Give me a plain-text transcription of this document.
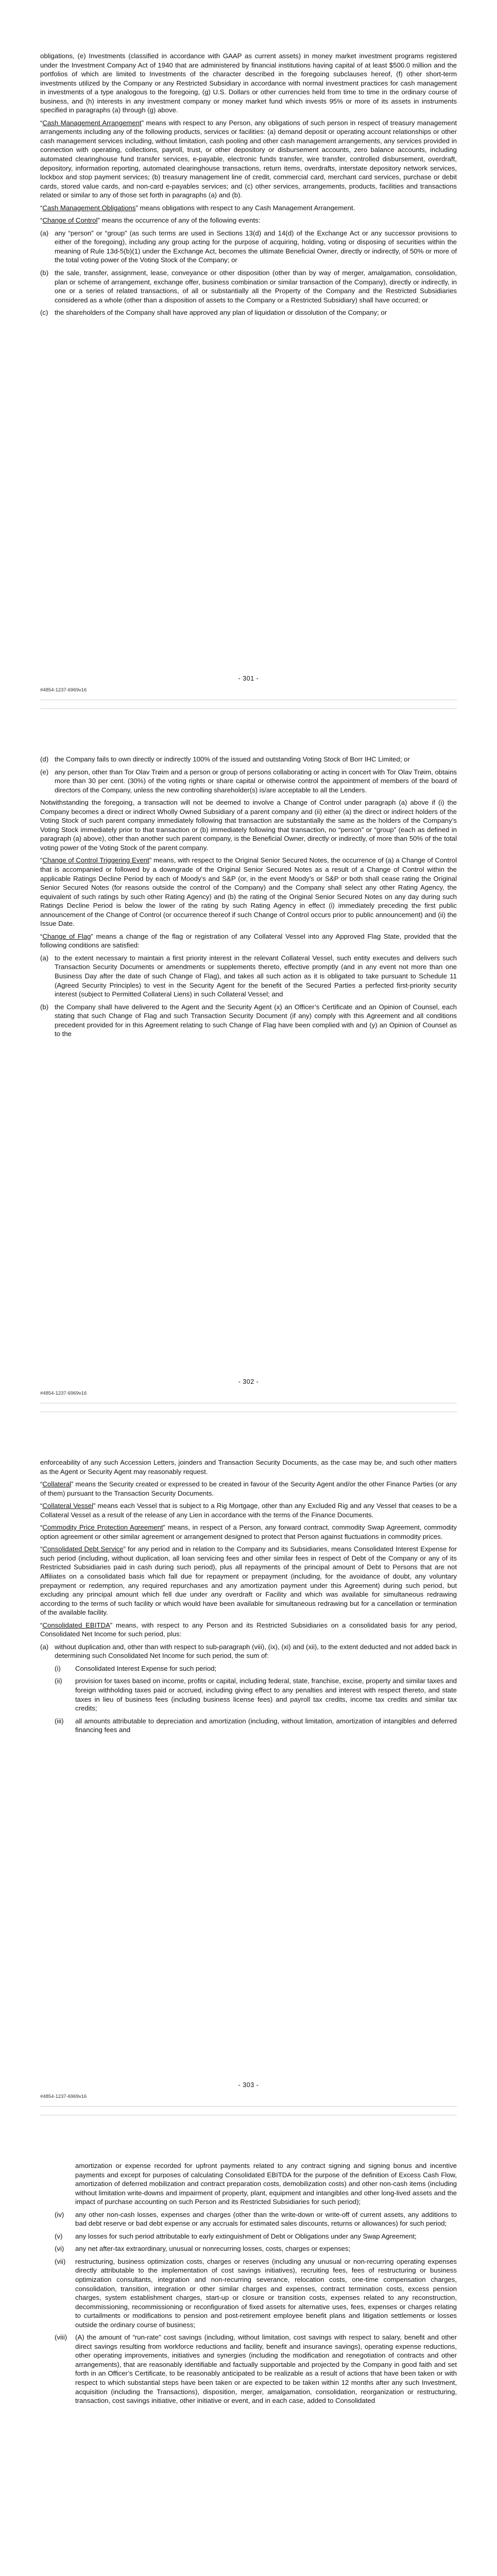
obligations, (e) Investments (classified in accordance with GAAP as current assets) in money market investment programs registered under the Investment Company Act of 1940 that are administered by financial institutions having capital of at least $500.0 million and the portfolios of which are limited to Investments of the character described in the foregoing subclauses hereof, (f) other short-term investments utilized by the Company or any Restricted Subsidiary in accordance with normal investment practices for cash management in investments of a type analogous to the foregoing, (g) U.S. Dollars or other currencies held from time to time in the ordinary course of business, and (h) interests in any investment company or money market fund which invests 95% or more of its assets in instruments specified in paragraphs (a) through (g) above.

“Cash Management Arrangement” means with respect to any Person, any obligations of such person in respect of treasury management arrangements including any of the following products, services or facilities: (a) demand deposit or operating account relationships or other cash management services including, without limitation, cash pooling and other cash management arrangements, any services provided in connection with operating, collections, payroll, trust, or other depository or disbursement accounts, zero balance accounts, including automated clearinghouse fund transfer services, e-payable, electronic funds transfer, wire transfer, controlled disbursement, overdraft, depository, information reporting, automated clearinghouse transactions, return items, overdrafts, interstate depository network services, lockbox and stop payment services; (b) treasury management line of credit, commercial card, merchant card services, purchase or debit cards, stored value cards, and non-card e-payables services; and (c) other services, arrangements, products, facilities and transactions related or similar to any of those set forth in paragraphs (a) and (b).

“Cash Management Obligations” means obligations with respect to any Cash Management Arrangement.

“Change of Control” means the occurrence of any of the following events:

(a) any “person” or “group” (as such terms are used in Sections 13(d) and 14(d) of the Exchange Act or any successor provisions to either of the foregoing), including any group acting for the purpose of acquiring, holding, voting or disposing of securities within the meaning of Rule 13d-5(b)(1) under the Exchange Act, becomes the ultimate Beneficial Owner, directly or indirectly, of 50% or more of the total voting power of the Voting Stock of the Company; or
(b) the sale, transfer, assignment, lease, conveyance or other disposition (other than by way of merger, amalgamation, consolidation, plan or scheme of arrangement, exchange offer, business combination or similar transaction of the Company), directly or indirectly, in one or a series of related transactions, of all or substantially all the Property of the Company and the Restricted Subsidiaries considered as a whole (other than a disposition of assets to the Company or a Restricted Subsidiary) shall have occurred; or
(c) the shareholders of the Company shall have approved any plan of liquidation or dissolution of the Company; or
- 301 -
#4854-1237-6969v16
(d) the Company fails to own directly or indirectly 100% of the issued and outstanding Voting Stock of Borr IHC Limited; or
(e) any person, other than Tor Olav Trøim and a person or group of persons collaborating or acting in concert with Tor Olav Trøim, obtains more than 30 per cent. (30%) of the voting rights or share capital or otherwise control the appointment of members of the board of directors of the Company, unless the new controlling shareholder(s) is/are acceptable to all the Lenders.

Notwithstanding the foregoing, a transaction will not be deemed to involve a Change of Control under paragraph (a) above if (i) the Company becomes a direct or indirect Wholly Owned Subsidiary of a parent company and (ii) either (a) the direct or indirect holders of the Voting Stock of such parent company immediately following that transaction are substantially the same as the holders of the Company’s Voting Stock immediately prior to that transaction or (b) immediately following that transaction, no “person” or “group” (each as defined in paragraph (a) above), other than another such parent company, is the Beneficial Owner, directly or indirectly, of more than 50% of the total voting power of the Voting Stock of the parent company.

“Change of Control Triggering Event” means, with respect to the Original Senior Secured Notes, the occurrence of (a) a Change of Control that is accompanied or followed by a downgrade of the Original Senior Secured Notes as a result of a Change of Control within the applicable Ratings Decline Period by each of Moody’s and S&P (or, in the event Moody’s or S&P or both shall cease rating the Original Senior Secured Notes (for reasons outside the control of the Company) and the Company shall select any other Rating Agency, the equivalent of such ratings by such other Rating Agency) and (b) the rating of the Original Senior Secured Notes on any day during such Ratings Decline Period is below the lower of the rating by such Rating Agency in effect (i) immediately preceding the first public announcement of the Change of Control (or occurrence thereof if such Change of Control occurs prior to public announcement) and (ii) the Issue Date.

“Change of Flag” means a change of the flag or registration of any Collateral Vessel into any Approved Flag State, provided that the following conditions are satisfied:

(a) to the extent necessary to maintain a first priority interest in the relevant Collateral Vessel, such entity executes and delivers such Transaction Security Documents or amendments or supplements thereto, effective promptly (and in any event not more than one Business Day after the date of such Change of Flag), and takes all such action as it is obligated to take pursuant to Schedule 11 (Agreed Security Principles) to vest in the Security Agent for the benefit of the Secured Parties a perfected first-priority security interest (subject to Permitted Collateral Liens) in such Collateral Vessel; and
(b) the Company shall have delivered to the Agent and the Security Agent (x) an Officer’s Certificate and an Opinion of Counsel, each stating that such Change of Flag and such Transaction Security Document (if any) comply with this Agreement and all conditions precedent provided for in this Agreement relating to such Change of Flag have been complied with and (y) an Opinion of Counsel as to the
- 302 -
#4854-1237-6969v16

enforceability of any such Accession Letters, joinders and Transaction Security Documents, as the case may be, and such other matters as the Agent or Security Agent may reasonably request.

“Collateral” means the Security created or expressed to be created in favour of the Security Agent and/or the other Finance Parties (or any of them) pursuant to the Transaction Security Documents.

“Collateral Vessel” means each Vessel that is subject to a Rig Mortgage, other than any Excluded Rig and any Vessel that ceases to be a Collateral Vessel as a result of the release of any Lien in accordance with the terms of the Finance Documents.

“Commodity Price Protection Agreement” means, in respect of a Person, any forward contract, commodity Swap Agreement, commodity option agreement or other similar agreement or arrangement designed to protect that Person against fluctuations in commodity prices.

“Consolidated Debt Service” for any period and in relation to the Company and its Subsidiaries, means Consolidated Interest Expense for such period (including, without duplication, all loan servicing fees and other similar fees in respect of Debt of the Company or any of its Restricted Subsidiaries paid in cash during such period), plus all repayments of the principal amount of Debt to Persons that are not Affiliates on a consolidated basis which fall due for repayment or prepayment (including, for the avoidance of doubt, any voluntary prepayment or redemption, any required repurchases and any amortization payment under this Agreement) during such period, but excluding any principal amount which fell due under any overdraft or Facility and which was available for simultaneous redrawing according to the terms of such facility or which would have been available for simultaneous redrawing but for a cancellation or termination of the available facility.

“Consolidated EBITDA” means, with respect to any Person and its Restricted Subsidiaries on a consolidated basis for any period, Consolidated Net Income for such period, plus:

(a) without duplication and, other than with respect to sub-paragraph (viii), (ix), (xi) and (xii), to the extent deducted and not added back in determining such Consolidated Net Income for such period, the sum of:
(i)	Consolidated Interest Expense for such period;
(ii)	provision for taxes based on income, profits or capital, including federal, state, franchise, excise, property and similar taxes and foreign withholding taxes paid or accrued, including giving effect to any penalties and interest with respect thereto, and state taxes in lieu of business fees (including business license fees) and payroll tax credits, income tax credits and similar tax credits;
(iii)	all amounts attributable to depreciation and amortization (including, without limitation, amortization of intangibles and deferred financing fees and
- 303 -
#4854-1237-6969v16

amortization or expense recorded for upfront payments related to any contract signing and signing bonus and incentive payments and except for purposes of calculating Consolidated EBITDA for the purpose of the definition of Excess Cash Flow, amortization of deferred mobilization and contract preparation costs, demobilization costs) and other non-cash items (including without limitation write-downs and impairment of property, plant, equipment and intangibles and other long-lived assets and the impact of purchase accounting on such Person and its Restricted Subsidiaries for such period);

(iv)	any other non-cash losses, expenses and charges (other than the write-down or write-off of current assets, any additions to bad debt reserve or bad debt expense or any accruals for estimated sales discounts, returns or allowances) for such period;
(v)	any losses for such period attributable to early extinguishment of Debt or Obligations under any Swap Agreement;
(vi)	any net after-tax extraordinary, unusual or nonrecurring losses, costs, charges or expenses;
(vii)	restructuring, business optimization costs, charges or reserves (including any unusual or non-recurring operating expenses directly attributable to the implementation of cost savings initiatives), recruiting fees, fees of restructuring or business optimization consultants, integration and non-recurring severance, relocation costs, one-time compensation charges, consolidation, transition, integration or other similar charges and expenses, contract termination costs, excess pension charges, system establishment charges, start-up or closure or transition costs, expenses related to any reconstruction, decommissioning, recommissioning or reconfiguration of fixed assets for alternative uses, fees, expenses or charges relating to curtailments or modifications to pension and post-retirement employee benefit plans and litigation settlements or losses outside the ordinary course of business;
(viii)	(A) the amount of “run-rate” cost savings (including, without limitation, cost savings with respect to salary, benefit and other direct savings resulting from workforce reductions and facility, benefit and insurance savings), operating expense reductions, other operating improvements, initiatives and synergies (including the modification and renegotiation of contracts and other arrangements), that are reasonably identifiable and factually supportable and projected by the Company in good faith and set forth in an Officer’s Certificate, to be reasonably anticipated to be realizable as a result of actions that have been taken or with respect to which substantial steps have been taken or are expected to be taken within 12 months after any such Investment, acquisition (including the Transactions), disposition, merger, amalgamation, consolidation, reorganization or restructuring, transaction, cost savings initiative, other initiative or event, and in each case, added to Consolidated
